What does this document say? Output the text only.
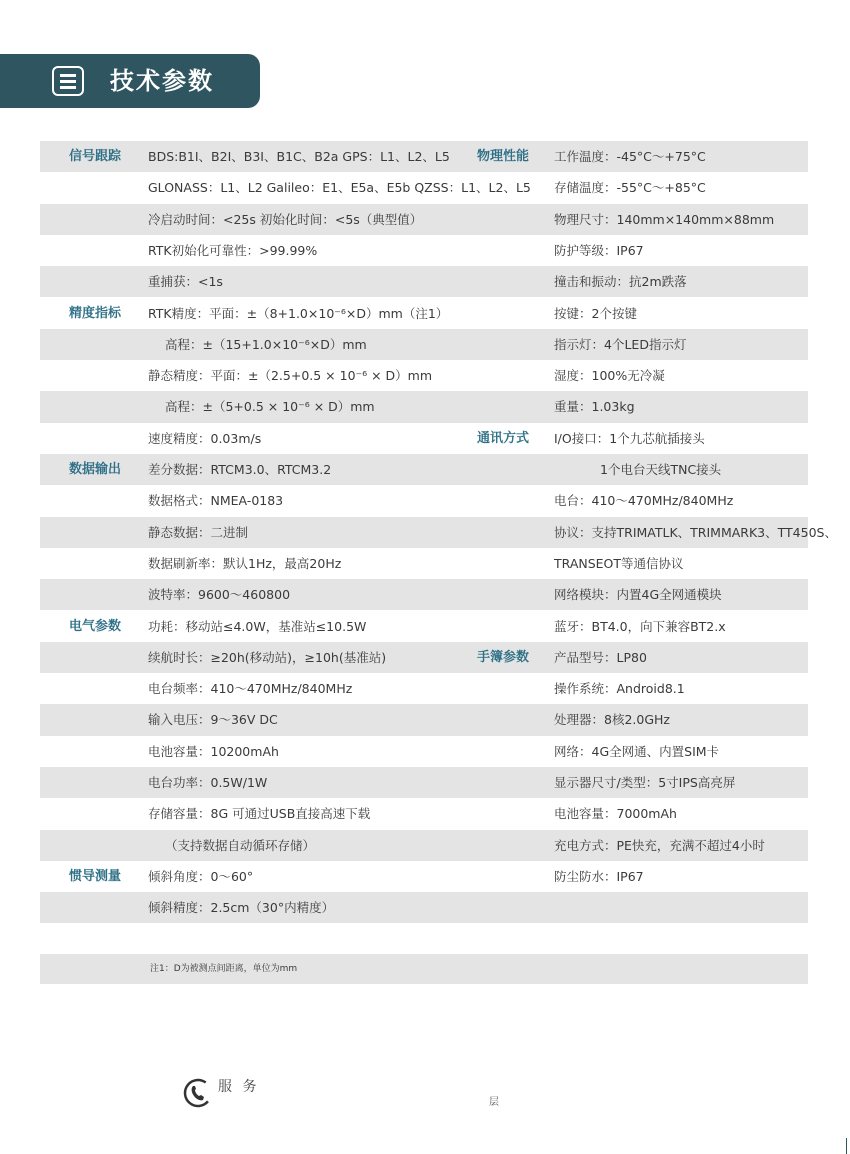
技术参数
信号跟踪 BDS:B1I、B2I、B3I、B1C、B2a GPS：L1、L2、L5
GLONASS：L1、L2 Galileo：E1、E5a、E5b QZSS：L1、L2、L5
冷启动时间：<25s 初始化时间：<5s（典型值）
RTK初始化可靠性：>99.99%
重捕获：<1s
精度指标 RTK精度：平面：±（8+1.0×10⁻⁶×D）mm（注1）
高程：±（15+1.0×10⁻⁶×D）mm
静态精度：平面：±（2.5+0.5 × 10⁻⁶ × D）mm
高程：±（5+0.5 × 10⁻⁶ × D）mm
速度精度：0.03m/s
数据输出 差分数据：RTCM3.0、RTCM3.2
数据格式：NMEA-0183
静态数据：二进制
数据刷新率：默认1Hz，最高20Hz
波特率：9600～460800
电气参数 功耗：移动站≤4.0W，基准站≤10.5W
续航时长：≥20h(移动站)，≥10h(基准站)
电台频率：410～470MHz/840MHz
输入电压：9～36V DC
电池容量：10200mAh
电台功率：0.5W/1W
存储容量：8G 可通过USB直接高速下载
（支持数据自动循环存储）
惯导测量 倾斜角度：0～60°
倾斜精度：2.5cm（30°内精度）
物理性能 工作温度：-45°C～+75°C
存储温度：-55°C～+85°C
物理尺寸：140mm×140mm×88mm
防护等级：IP67
撞击和振动：抗2m跌落
按键：2个按键
指示灯：4个LED指示灯
湿度：100%无冷凝
重量：1.03kg
通讯方式 I/O接口：1个九芯航插接头
1个电台天线TNC接头
电台：410～470MHz/840MHz
协议：支持TRIMATLK、TRIMMARK3、TT450S、
TRANSEOT等通信协议
网络模块：内置4G全网通模块
蓝牙：BT4.0，向下兼容BT2.x
手簿参数 产品型号：LP80
操作系统：Android8.1
处理器：8核2.0GHz
网络：4G全网通、内置SIM卡
显示器尺寸/类型：5寸IPS高亮屏
电池容量：7000mAh
充电方式：PE快充，充满不超过4小时
防尘防水：IP67
注1：D为被测点间距离，单位为mm
服 务
层
